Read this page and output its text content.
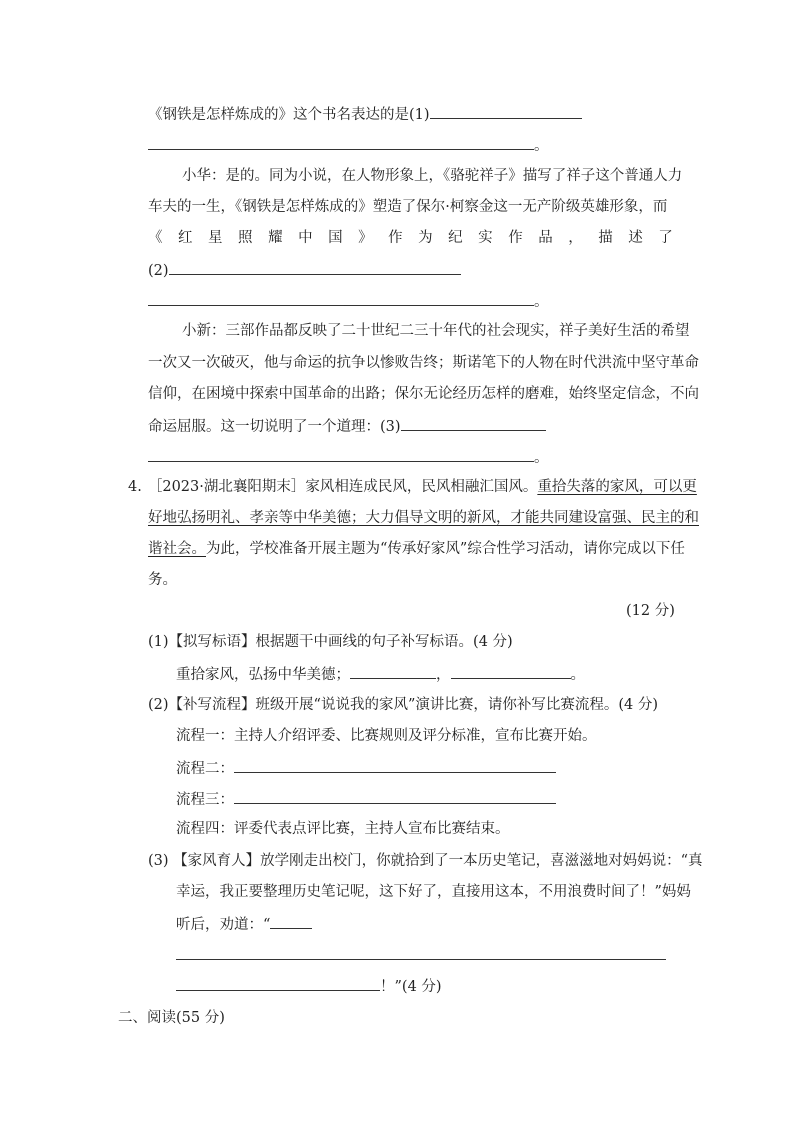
《钢铁是怎样炼成的》这个书名表达的是(1)
。
小华：是的。同为小说，在人物形象上，《骆驼祥子》描写了祥子这个普通人力
车夫的一生，《钢铁是怎样炼成的》塑造了保尔·柯察金这一无产阶级英雄形象，而
《 红 星 照 耀 中 国 》 作 为 纪 实 作 品 ， 描 述 了
(2)
。
小新：三部作品都反映了二十世纪二三十年代的社会现实，祥子美好生活的希望
一次又一次破灭，他与命运的抗争以惨败告终；斯诺笔下的人物在时代洪流中坚守革命
信仰，在困境中探索中国革命的出路；保尔无论经历怎样的磨难，始终坚定信念，不向
命运屈服。这一切说明了一个道理：(3)
。
4. ［2023·湖北襄阳期末］家风相连成民风，民风相融汇国风。重拾失落的家风，可以更
好地弘扬明礼、孝亲等中华美德；大力倡导文明的新风，才能共同建设富强、民主的和
谐社会。为此，学校准备开展主题为“传承好家风”综合性学习活动，请你完成以下任
务。
(12 分)
(1)【拟写标语】根据题干中画线的句子补写标语。(4 分)
重拾家风，弘扬中华美德；	，	。
(2)【补写流程】班级开展“说说我的家风”演讲比赛，请你补写比赛流程。(4 分)
流程一：主持人介绍评委、比赛规则及评分标准，宣布比赛开始。
流程二：
流程三：
流程四：评委代表点评比赛，主持人宣布比赛结束。
(3) 【家风育人】放学刚走出校门，你就拾到了一本历史笔记，喜滋滋地对妈妈说：“真
幸运，我正要整理历史笔记呢，这下好了，直接用这本，不用浪费时间了！”妈妈
听后，劝道：“
！”(4 分)
二、阅读(55 分)
